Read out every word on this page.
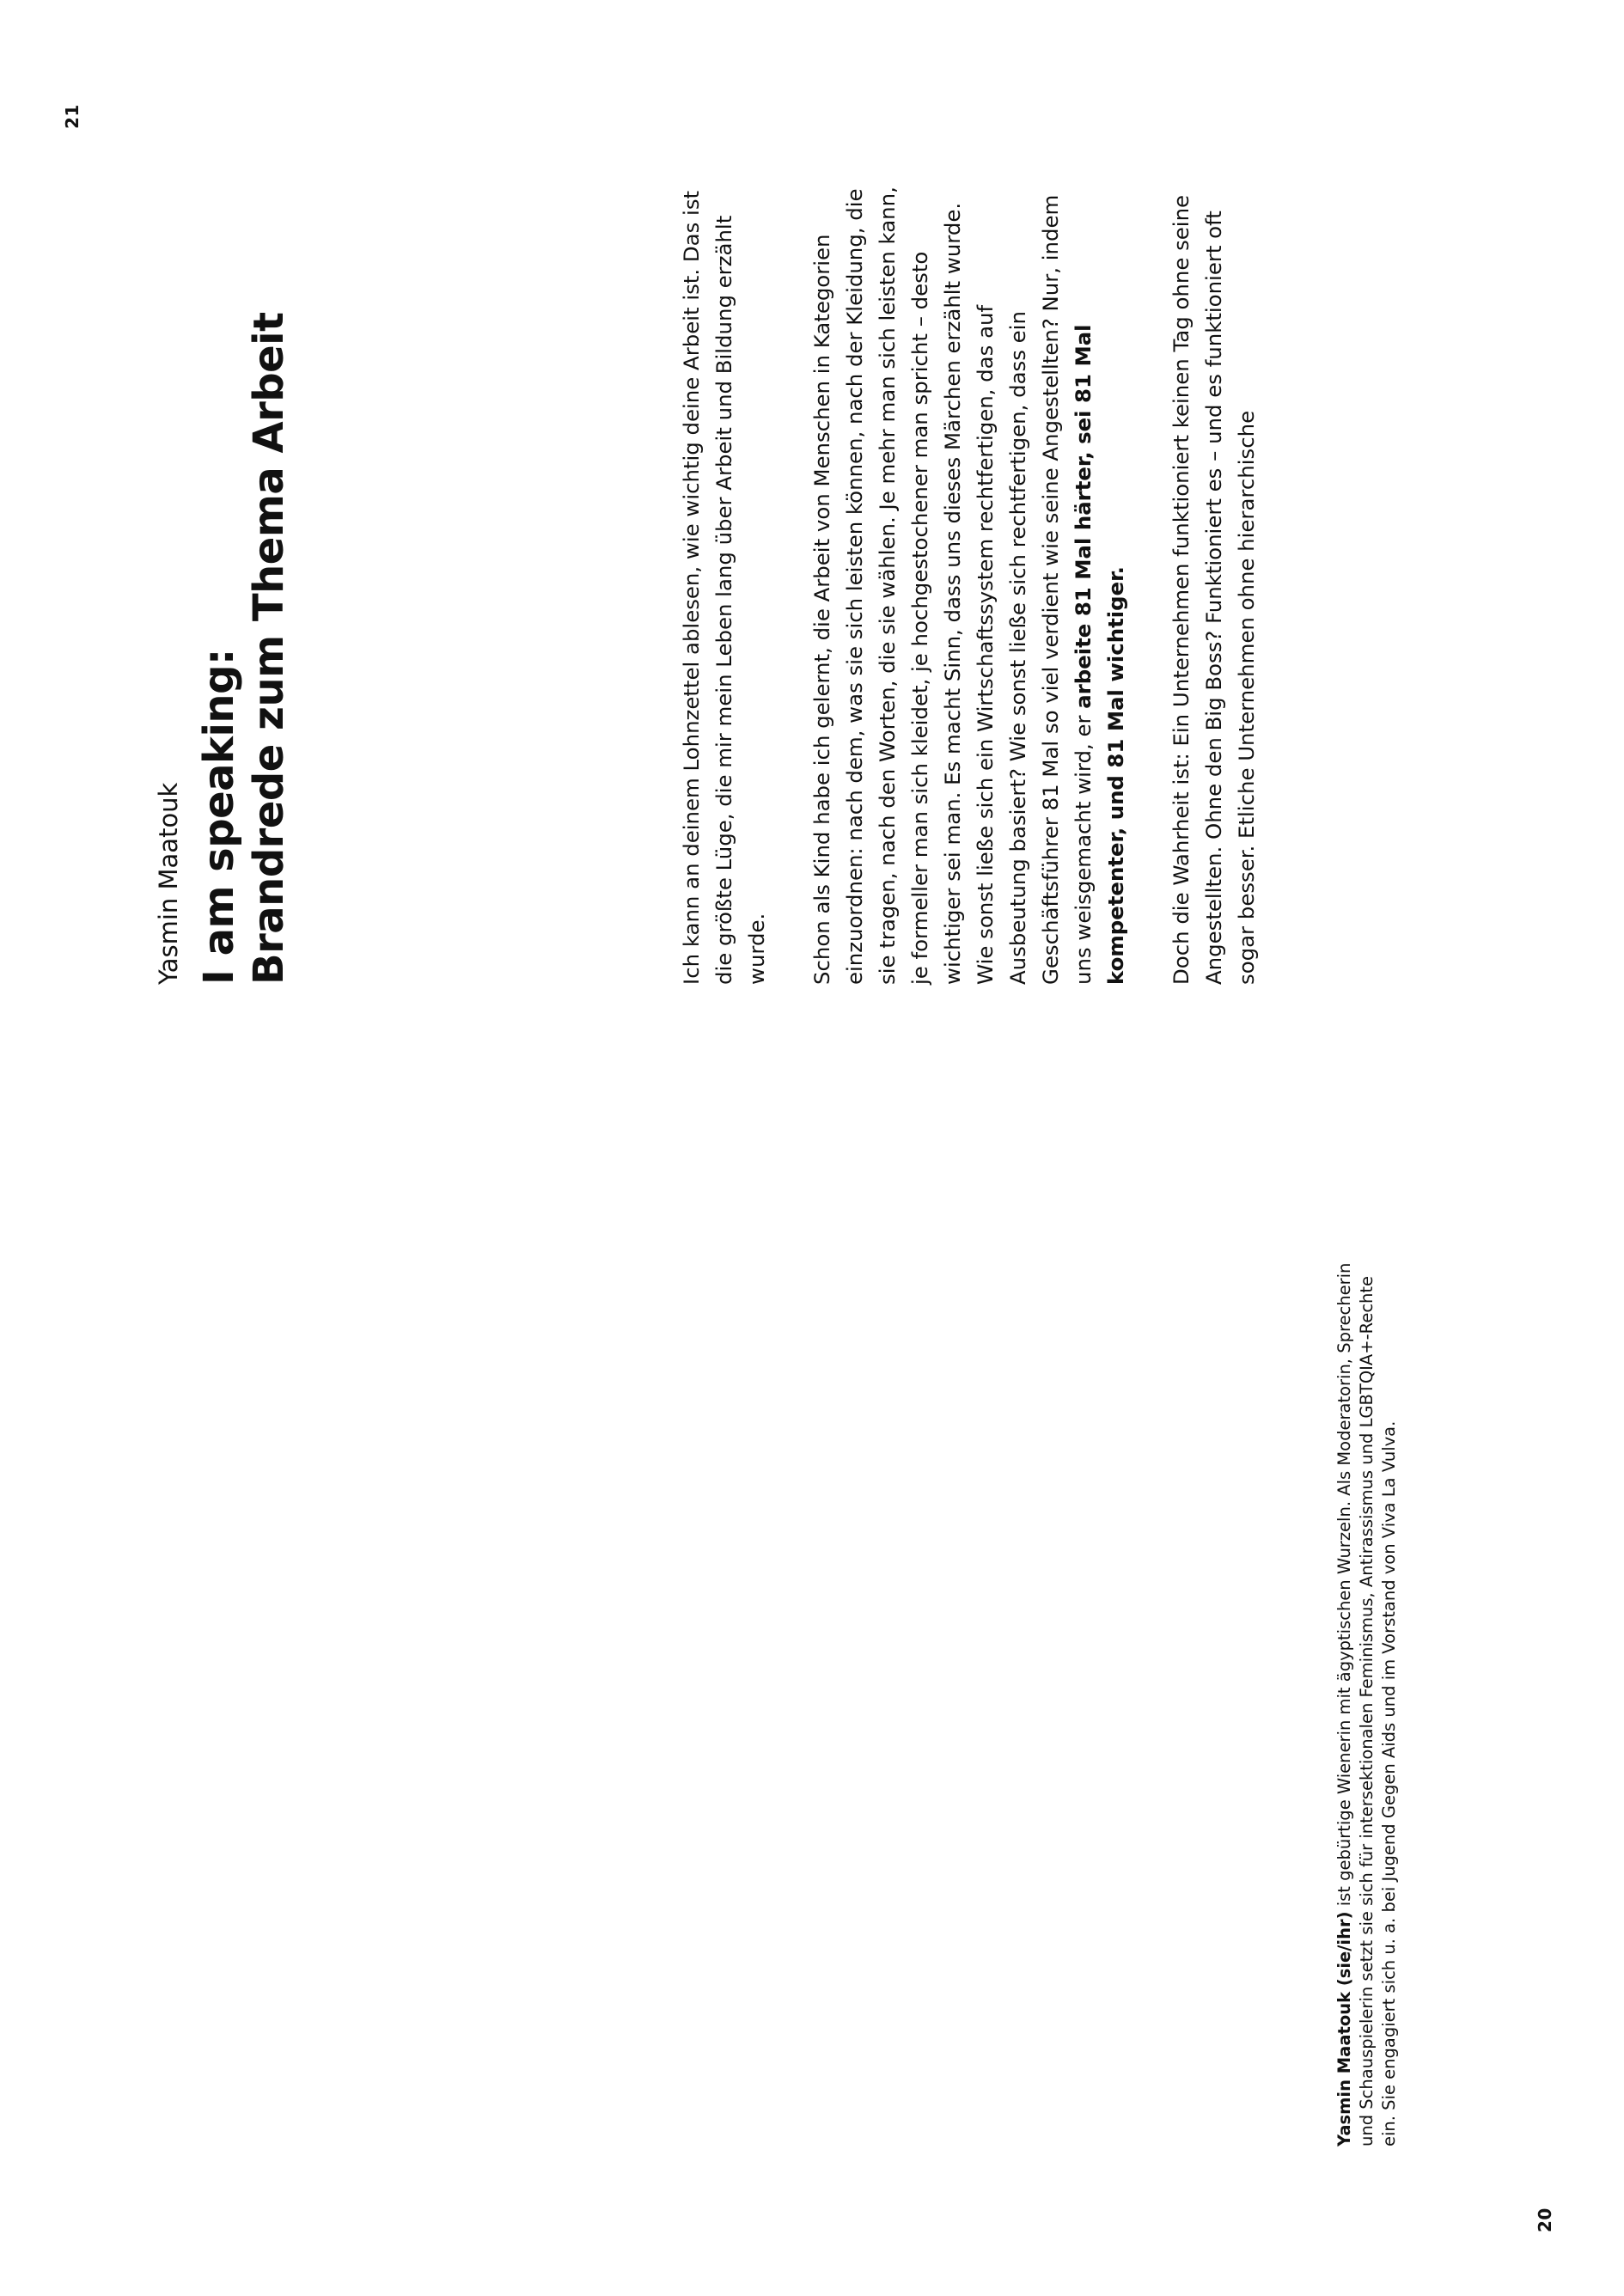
21
Yasmin Maatouk I am speaking: Brandrede zum Thema Arbeit	Ich kann an deinem Lohnzettel ablesen, wie wichtig deine Arbeit ist. Das ist die größte Lüge, die mir mein Leben lang über Arbeit und Bildung erzählt wurde. Schon als Kind habe ich gelernt, die Arbeit von Menschen in Kategorien einzuordnen: nach dem, was sie sich leisten können, nach der Kleidung, die sie tragen, nach den Worten, die sie wählen. Je mehr man sich leisten kann, je formeller man sich kleidet, je hochgestochener man spricht – desto wichtiger sei man. Es macht Sinn, dass uns dieses Märchen erzählt wurde. Wie sonst ließe sich ein Wirtschaftssystem rechtfertigen, das auf Ausbeutung basiert? Wie sonst ließe sich rechtfertigen, dass ein Geschäftsführer 81 Mal so viel verdient wie seine Angestellten? Nur, indem uns weisgemacht wird, er arbeite 81 Mal härter, sei 81 Mal kompetenter, und 81 Mal wichtiger. Doch die Wahrheit ist: Ein Unternehmen funktioniert keinen Tag ohne seine Angestellten. Ohne den Big Boss? Funktioniert es – und es funktioniert oft sogar besser. Etliche Unternehmen ohne hierarchische

Yasmin Maatouk (sie/ihr) ist gebürtige Wienerin mit ägyptischen Wurzeln. Als Moderatorin, Sprecherin und Schauspielerin setzt sie sich für intersektionalen Feminismus, Antirassismus und LGBTQIA+-Rechte ein. Sie engagiert sich u. a. bei Jugend Gegen Aids und im Vorstand von Viva La Vulva.
20
